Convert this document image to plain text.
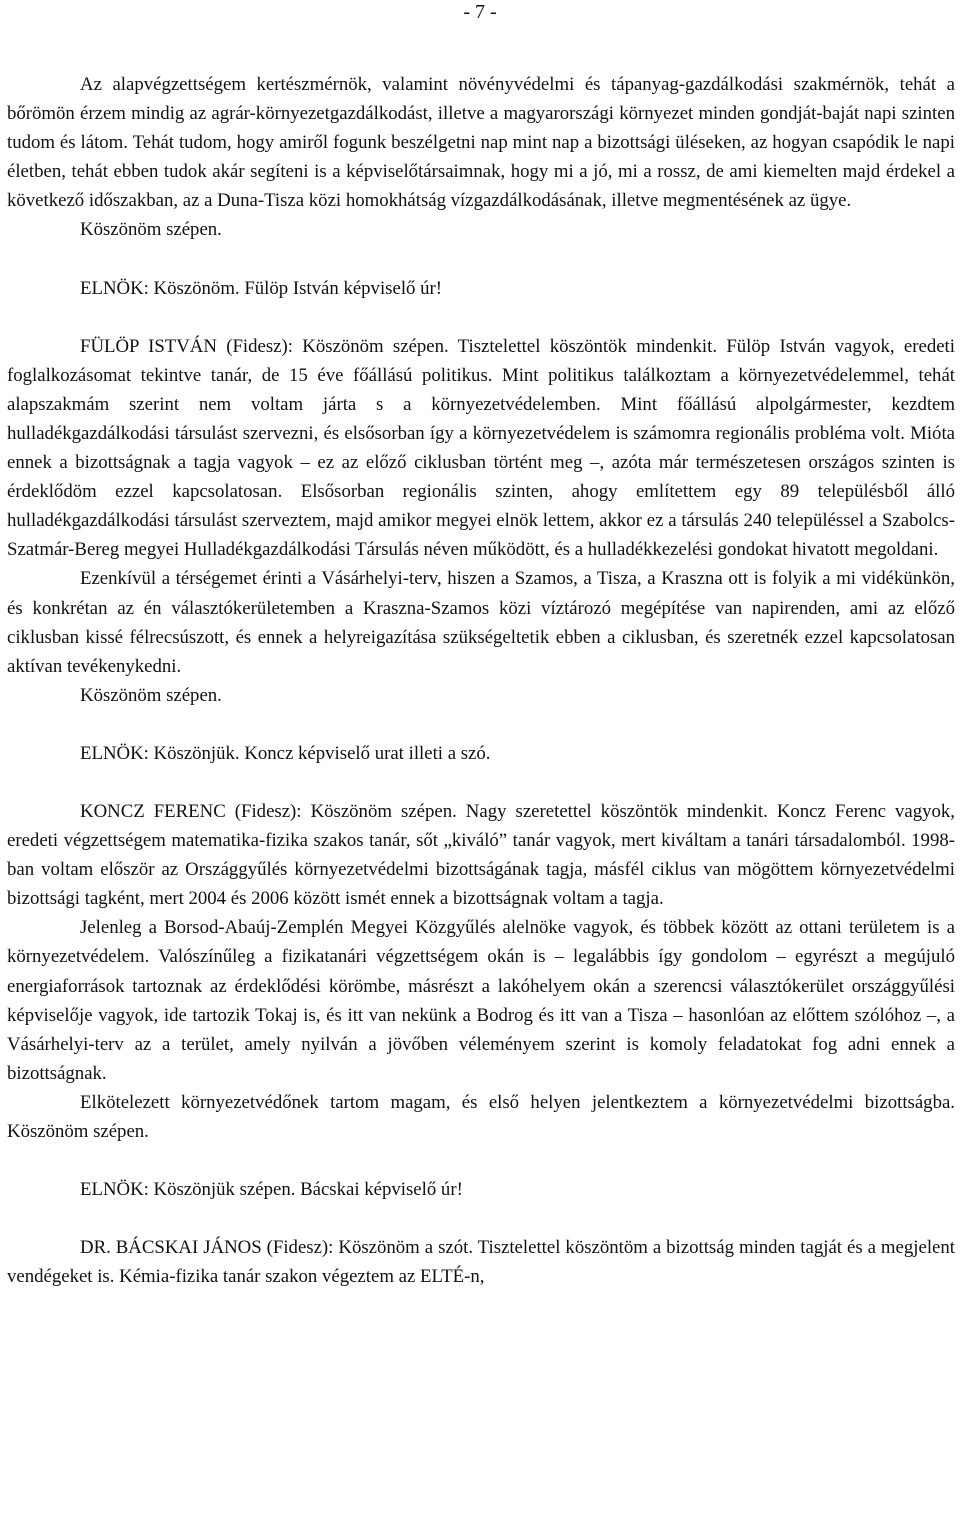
- 7 -

Az alapvégzettségem kertészmérnök, valamint növényvédelmi és tápanyag-gazdálkodási szakmérnök, tehát a bőrömön érzem mindig az agrár-környezetgazdálkodást, illetve a magyarországi környezet minden gondját-baját napi szinten tudom és látom. Tehát tudom, hogy amiről fogunk beszélgetni nap mint nap a bizottsági üléseken, az hogyan csapódik le napi életben, tehát ebben tudok akár segíteni is a képviselőtársaimnak, hogy mi a jó, mi a rossz, de ami kiemelten majd érdekel a következő időszakban, az a Duna-Tisza közi homokhátság vízgazdálkodásának, illetve megmentésének az ügye.

Köszönöm szépen.

ELNÖK: Köszönöm. Fülöp István képviselő úr!

FÜLÖP ISTVÁN (Fidesz): Köszönöm szépen. Tisztelettel köszöntök mindenkit. Fülöp István vagyok, eredeti foglalkozásomat tekintve tanár, de 15 éve főállású politikus. Mint politikus találkoztam a környezetvédelemmel, tehát alapszakmám szerint nem voltam járta s a környezetvédelemben. Mint főállású alpolgármester, kezdtem hulladékgazdálkodási társulást szervezni, és elsősorban így a környezetvédelem is számomra regionális probléma volt. Mióta ennek a bizottságnak a tagja vagyok – ez az előző ciklusban történt meg –, azóta már természetesen országos szinten is érdeklődöm ezzel kapcsolatosan. Elsősorban regionális szinten, ahogy említettem egy 89 településből álló hulladékgazdálkodási társulást szerveztem, majd amikor megyei elnök lettem, akkor ez a társulás 240 településsel a Szabolcs-Szatmár-Bereg megyei Hulladékgazdálkodási Társulás néven működött, és a hulladékkezelési gondokat hivatott megoldani.

Ezenkívül a térségemet érinti a Vásárhelyi-terv, hiszen a Szamos, a Tisza, a Kraszna ott is folyik a mi vidékünkön, és konkrétan az én választókerületemben a Kraszna-Szamos közi víztározó megépítése van napirenden, ami az előző ciklusban kissé félrecsúszott, és ennek a helyreigazítása szükségeltetik ebben a ciklusban, és szeretnék ezzel kapcsolatosan aktívan tevékenykedni.

Köszönöm szépen.

ELNÖK: Köszönjük. Koncz képviselő urat illeti a szó.

KONCZ FERENC (Fidesz): Köszönöm szépen. Nagy szeretettel köszöntök mindenkit. Koncz Ferenc vagyok, eredeti végzettségem matematika-fizika szakos tanár, sőt „kiváló” tanár vagyok, mert kiváltam a tanári társadalomból. 1998-ban voltam először az Országgyűlés környezetvédelmi bizottságának tagja, másfél ciklus van mögöttem környezetvédelmi bizottsági tagként, mert 2004 és 2006 között ismét ennek a bizottságnak voltam a tagja.

Jelenleg a Borsod-Abaúj-Zemplén Megyei Közgyűlés alelnöke vagyok, és többek között az ottani területem is a környezetvédelem. Valószínűleg a fizikatanári végzettségem okán is – legalábbis így gondolom – egyrészt a megújuló energiaforrások tartoznak az érdeklődési körömbe, másrészt a lakóhelyem okán a szerencsi választókerület országgyűlési képviselője vagyok, ide tartozik Tokaj is, és itt van nekünk a Bodrog és itt van a Tisza – hasonlóan az előttem szólóhoz –, a Vásárhelyi-terv az a terület, amely nyilván a jövőben véleményem szerint is komoly feladatokat fog adni ennek a bizottságnak.

Elkötelezett környezetvédőnek tartom magam, és első helyen jelentkeztem a környezetvédelmi bizottságba. Köszönöm szépen.

ELNÖK: Köszönjük szépen. Bácskai képviselő úr!

DR. BÁCSKAI JÁNOS (Fidesz): Köszönöm a szót. Tisztelettel köszöntöm a bizottság minden tagját és a megjelent vendégeket is. Kémia-fizika tanár szakon végeztem az ELTÉ-n,
